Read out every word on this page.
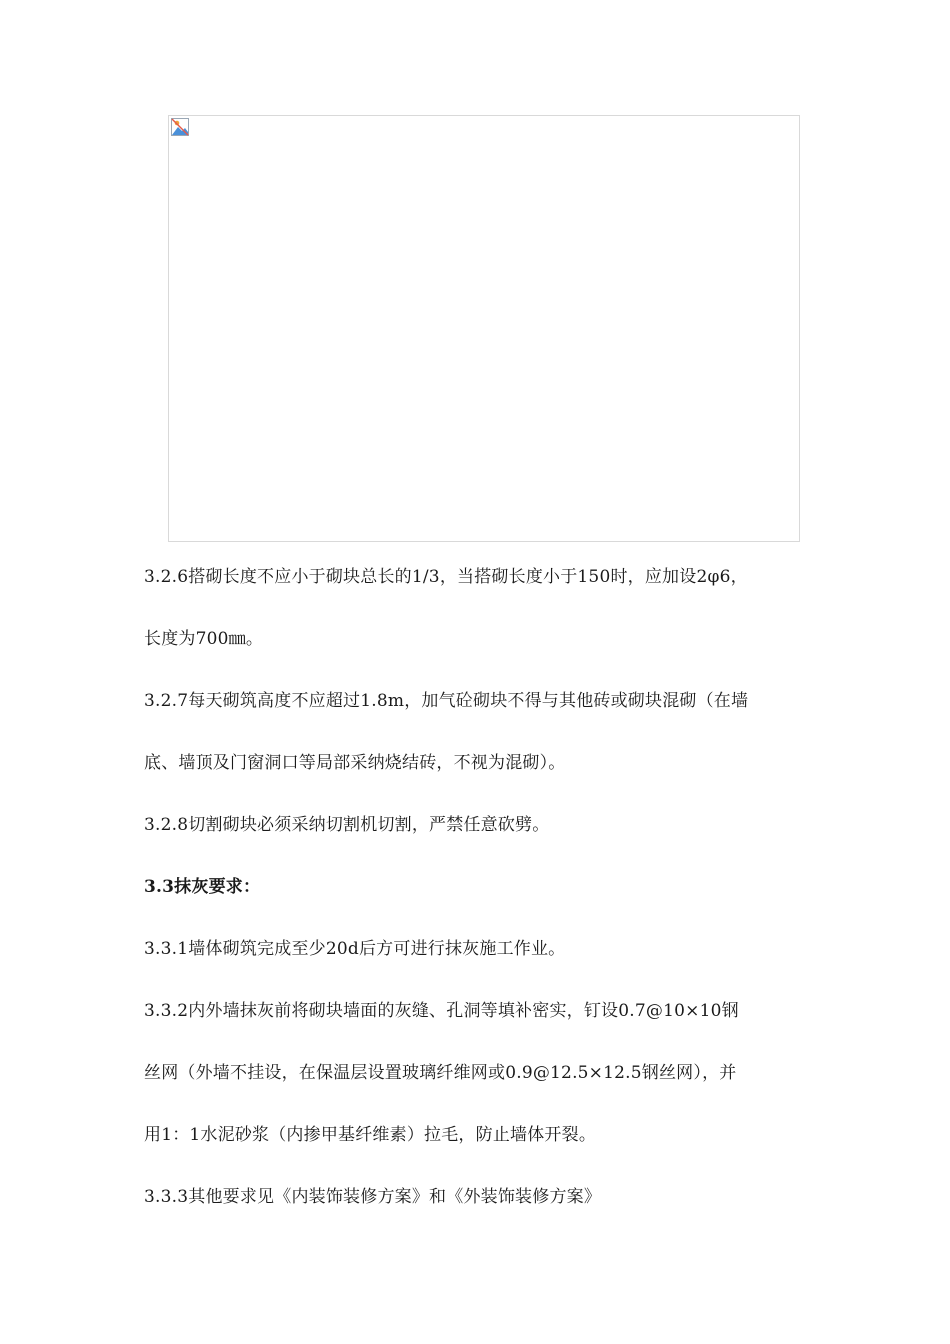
3.2.6搭砌长度不应小于砌块总长的1/3，当搭砌长度小于150时，应加设2φ6，
长度为700㎜。
3.2.7每天砌筑高度不应超过1.8m，加气砼砌块不得与其他砖或砌块混砌（在墙
底、墙顶及门窗洞口等局部采纳烧结砖，不视为混砌）。
3.2.8切割砌块必须采纳切割机切割，严禁任意砍劈。
3.3抹灰要求：
3.3.1墙体砌筑完成至少20d后方可进行抹灰施工作业。
3.3.2内外墙抹灰前将砌块墙面的灰缝、孔洞等填补密实，钉设0.7@10×10钢
丝网（外墙不挂设，在保温层设置玻璃纤维网或0.9@12.5×12.5钢丝网），并
用1：1水泥砂浆（内掺甲基纤维素）拉毛，防止墙体开裂。
3.3.3其他要求见《内装饰装修方案》和《外装饰装修方案》
